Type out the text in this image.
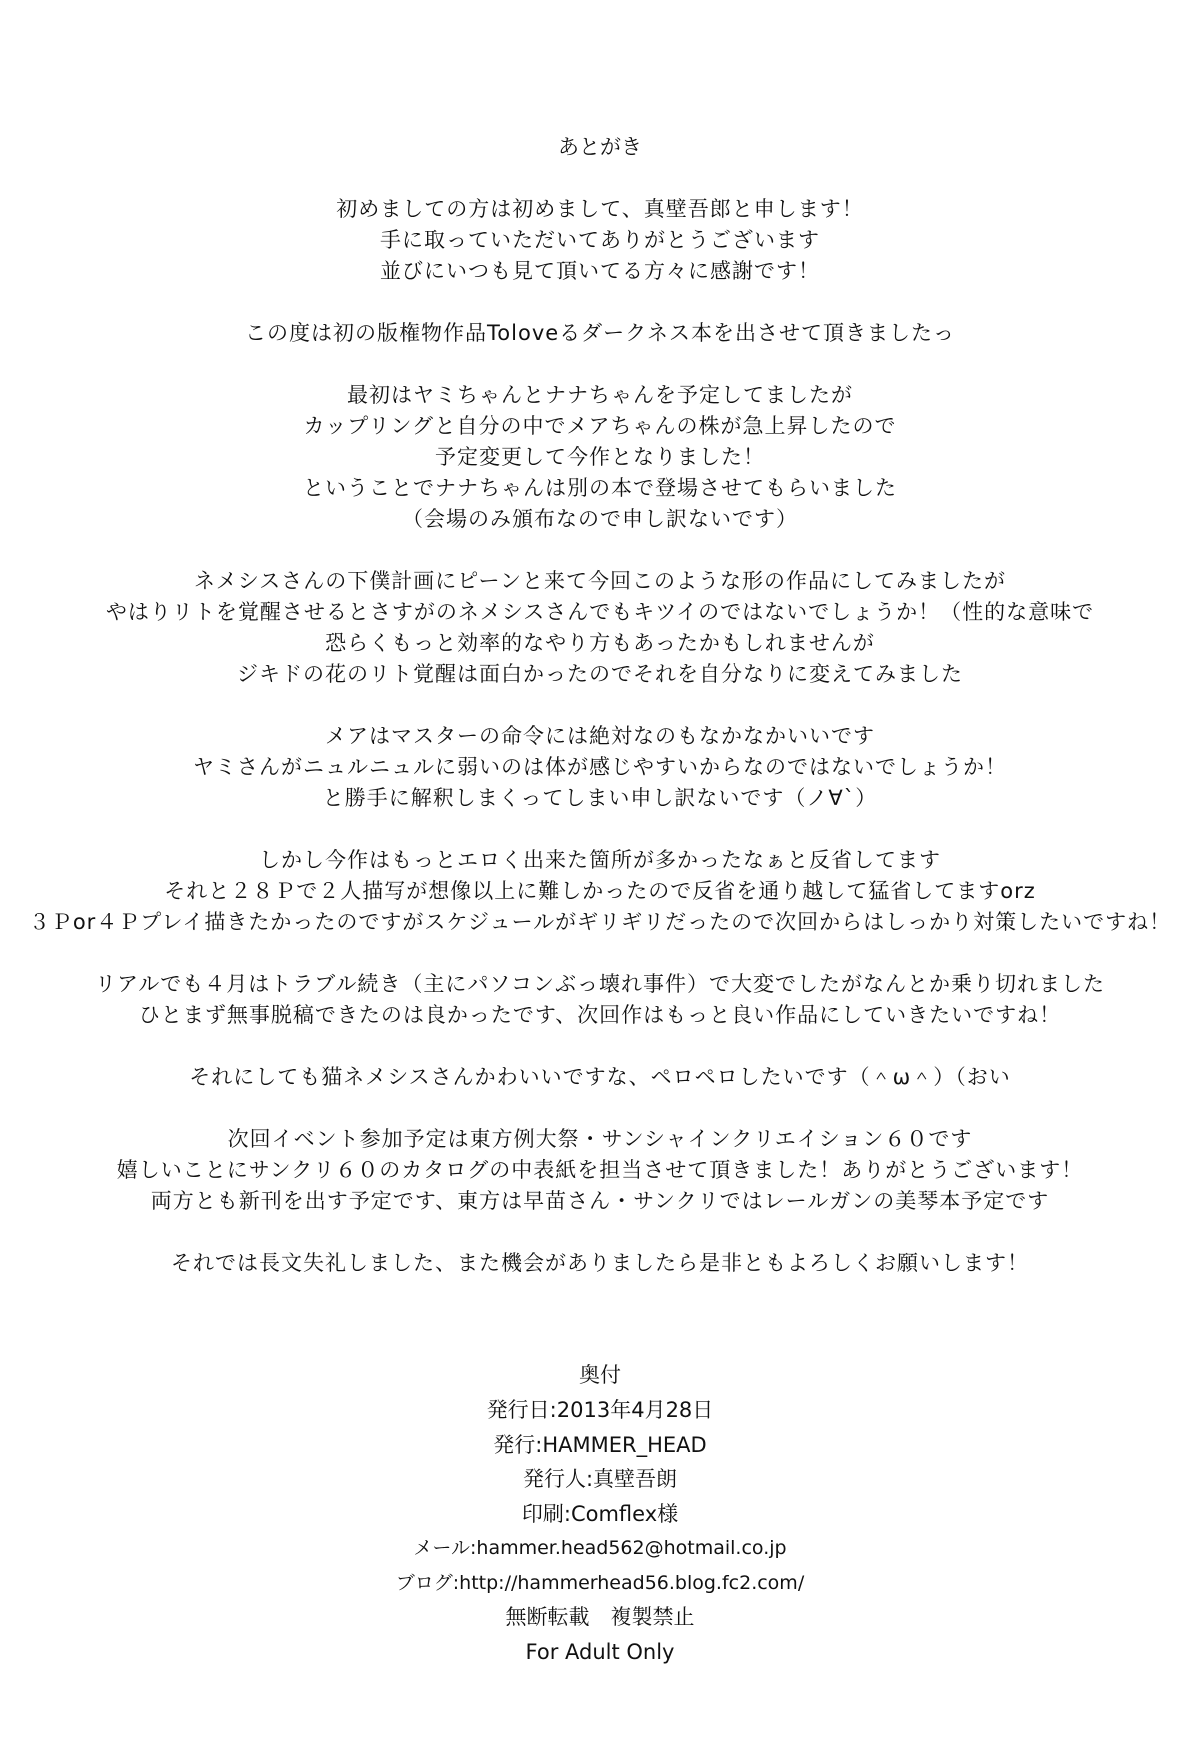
あとがき
初めましての方は初めまして、真壁吾郎と申します！
手に取っていただいてありがとうございます
並びにいつも見て頂いてる方々に感謝です！
この度は初の版権物作品Toloveるダークネス本を出させて頂きましたっ
最初はヤミちゃんとナナちゃんを予定してましたが
カップリングと自分の中でメアちゃんの株が急上昇したので
予定変更して今作となりました！
ということでナナちゃんは別の本で登場させてもらいました
（会場のみ頒布なので申し訳ないです）
ネメシスさんの下僕計画にピーンと来て今回このような形の作品にしてみましたが
やはりリトを覚醒させるとさすがのネメシスさんでもキツイのではないでしょうか！（性的な意味で
恐らくもっと効率的なやり方もあったかもしれませんが
ジキドの花のリト覚醒は面白かったのでそれを自分なりに変えてみました
メアはマスターの命令には絶対なのもなかなかいいです
ヤミさんがニュルニュルに弱いのは体が感じやすいからなのではないでしょうか！
と勝手に解釈しまくってしまい申し訳ないです（ノ∀`）
しかし今作はもっとエロく出来た箇所が多かったなぁと反省してます
それと２８Ｐで２人描写が想像以上に難しかったので反省を通り越して猛省してますorz
３Ｐor４Ｐプレイ描きたかったのですがスケジュールがギリギリだったので次回からはしっかり対策したいですね！
リアルでも４月はトラブル続き（主にパソコンぶっ壊れ事件）で大変でしたがなんとか乗り切れました
ひとまず無事脱稿できたのは良かったです、次回作はもっと良い作品にしていきたいですね！
それにしても猫ネメシスさんかわいいですな、ペロペロしたいです（＾ω＾）（おい
次回イベント参加予定は東方例大祭・サンシャインクリエイション６０です
嬉しいことにサンクリ６０のカタログの中表紙を担当させて頂きました！ありがとうございます！
両方とも新刊を出す予定です、東方は早苗さん・サンクリではレールガンの美琴本予定です
それでは長文失礼しました、また機会がありましたら是非ともよろしくお願いします！
奥付
発行日:2013年4月28日
発行:HAMMER_HEAD
発行人:真壁吾朗
印刷:Comflex様
メール:hammer.head562@hotmail.co.jp
ブログ:http://hammerhead56.blog.fc2.com/
無断転載　複製禁止
For Adult Only
